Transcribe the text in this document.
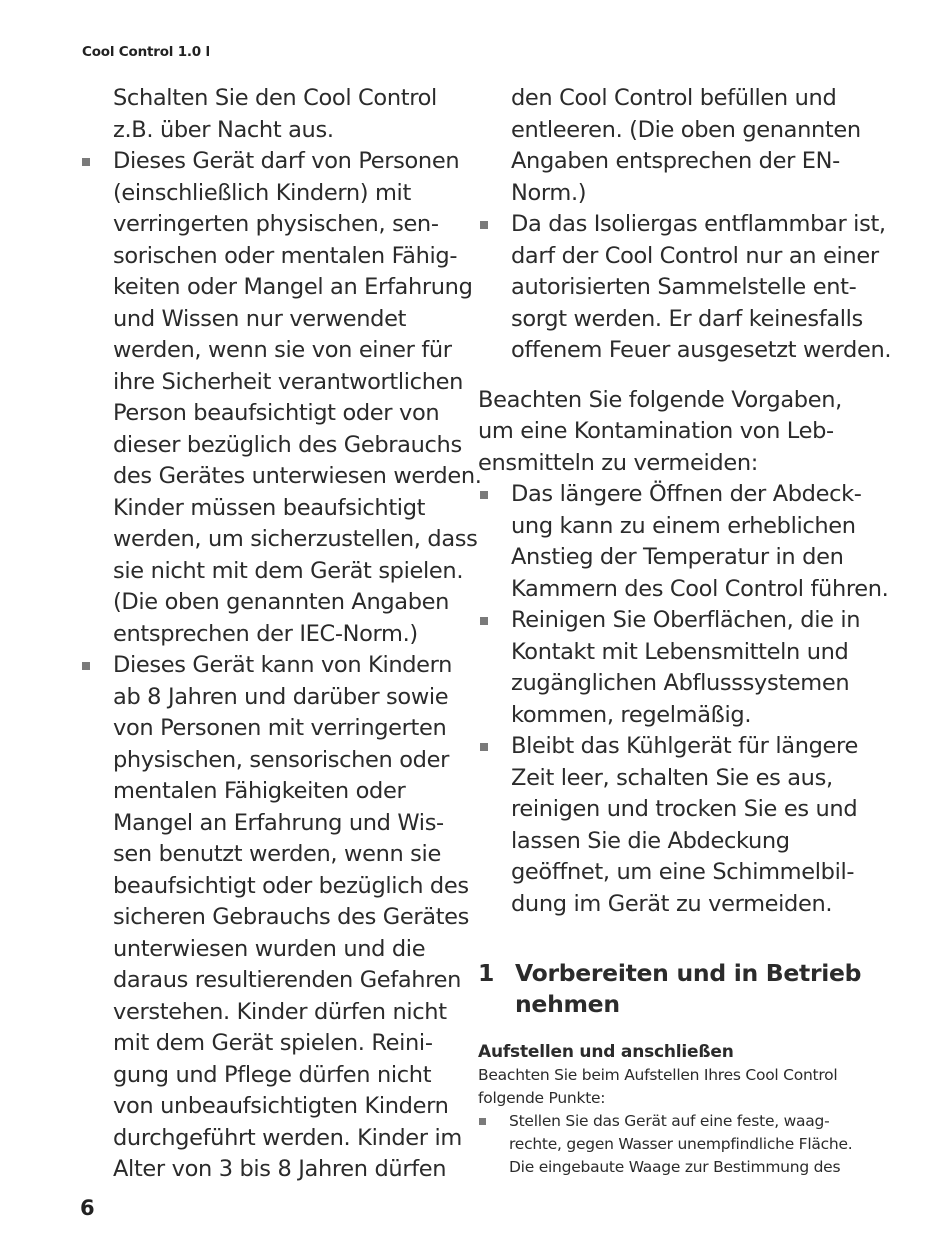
Cool Control 1.0 l
Schalten Sie den Cool Control
z.B. über Nacht aus.
Dieses Gerät darf von Personen
(einschließlich Kindern) mit
verringerten physischen, sen-
sorischen oder mentalen Fähig-
keiten oder Mangel an Erfahrung
und Wissen nur verwendet
werden, wenn sie von einer für
ihre Sicherheit verantwortlichen
Person beaufsichtigt oder von
dieser bezüglich des Gebrauchs
des Gerätes unterwiesen werden.
Kinder müssen beaufsichtigt
werden, um sicherzustellen, dass
sie nicht mit dem Gerät spielen.
(Die oben genannten Angaben
entsprechen der IEC-Norm.)
Dieses Gerät kann von Kindern
ab 8 Jahren und darüber sowie
von Personen mit verringerten
physischen, sensorischen oder
mentalen Fähigkeiten oder
Mangel an Erfahrung und Wis-
sen benutzt werden, wenn sie
beaufsichtigt oder bezüglich des
sicheren Gebrauchs des Gerätes
unterwiesen wurden und die
daraus resultierenden Gefahren
verstehen. Kinder dürfen nicht
mit dem Gerät spielen. Reini-
gung und Pflege dürfen nicht
von unbeaufsichtigten Kindern
durchgeführt werden. Kinder im
Alter von 3 bis 8 Jahren dürfen
den Cool Control befüllen und
entleeren. (Die oben genannten
Angaben entsprechen der EN-
Norm.)
Da das Isoliergas entflammbar ist,
darf der Cool Control nur an einer
autorisierten Sammelstelle ent-
sorgt werden. Er darf keinesfalls
offenem Feuer ausgesetzt werden.
Beachten Sie folgende Vorgaben,
um eine Kontamination von Leb-
ensmitteln zu vermeiden:
Das längere Öffnen der Abdeck-
ung kann zu einem erheblichen
Anstieg der Temperatur in den
Kammern des Cool Control führen.
Reinigen Sie Oberflächen, die in
Kontakt mit Lebensmitteln und
zugänglichen Abflusssystemen
kommen, regelmäßig.
Bleibt das Kühlgerät für längere
Zeit leer, schalten Sie es aus,
reinigen und trocken Sie es und
lassen Sie die Abdeckung
geöffnet, um eine Schimmelbil-
dung im Gerät zu vermeiden.
1 Vorbereiten und in Betrieb
nehmen
Aufstellen und anschließen
Beachten Sie beim Aufstellen Ihres Cool Control
folgende Punkte:
Stellen Sie das Gerät auf eine feste, waag-
rechte, gegen Wasser unempfindliche Fläche.
Die eingebaute Waage zur Bestimmung des
6
